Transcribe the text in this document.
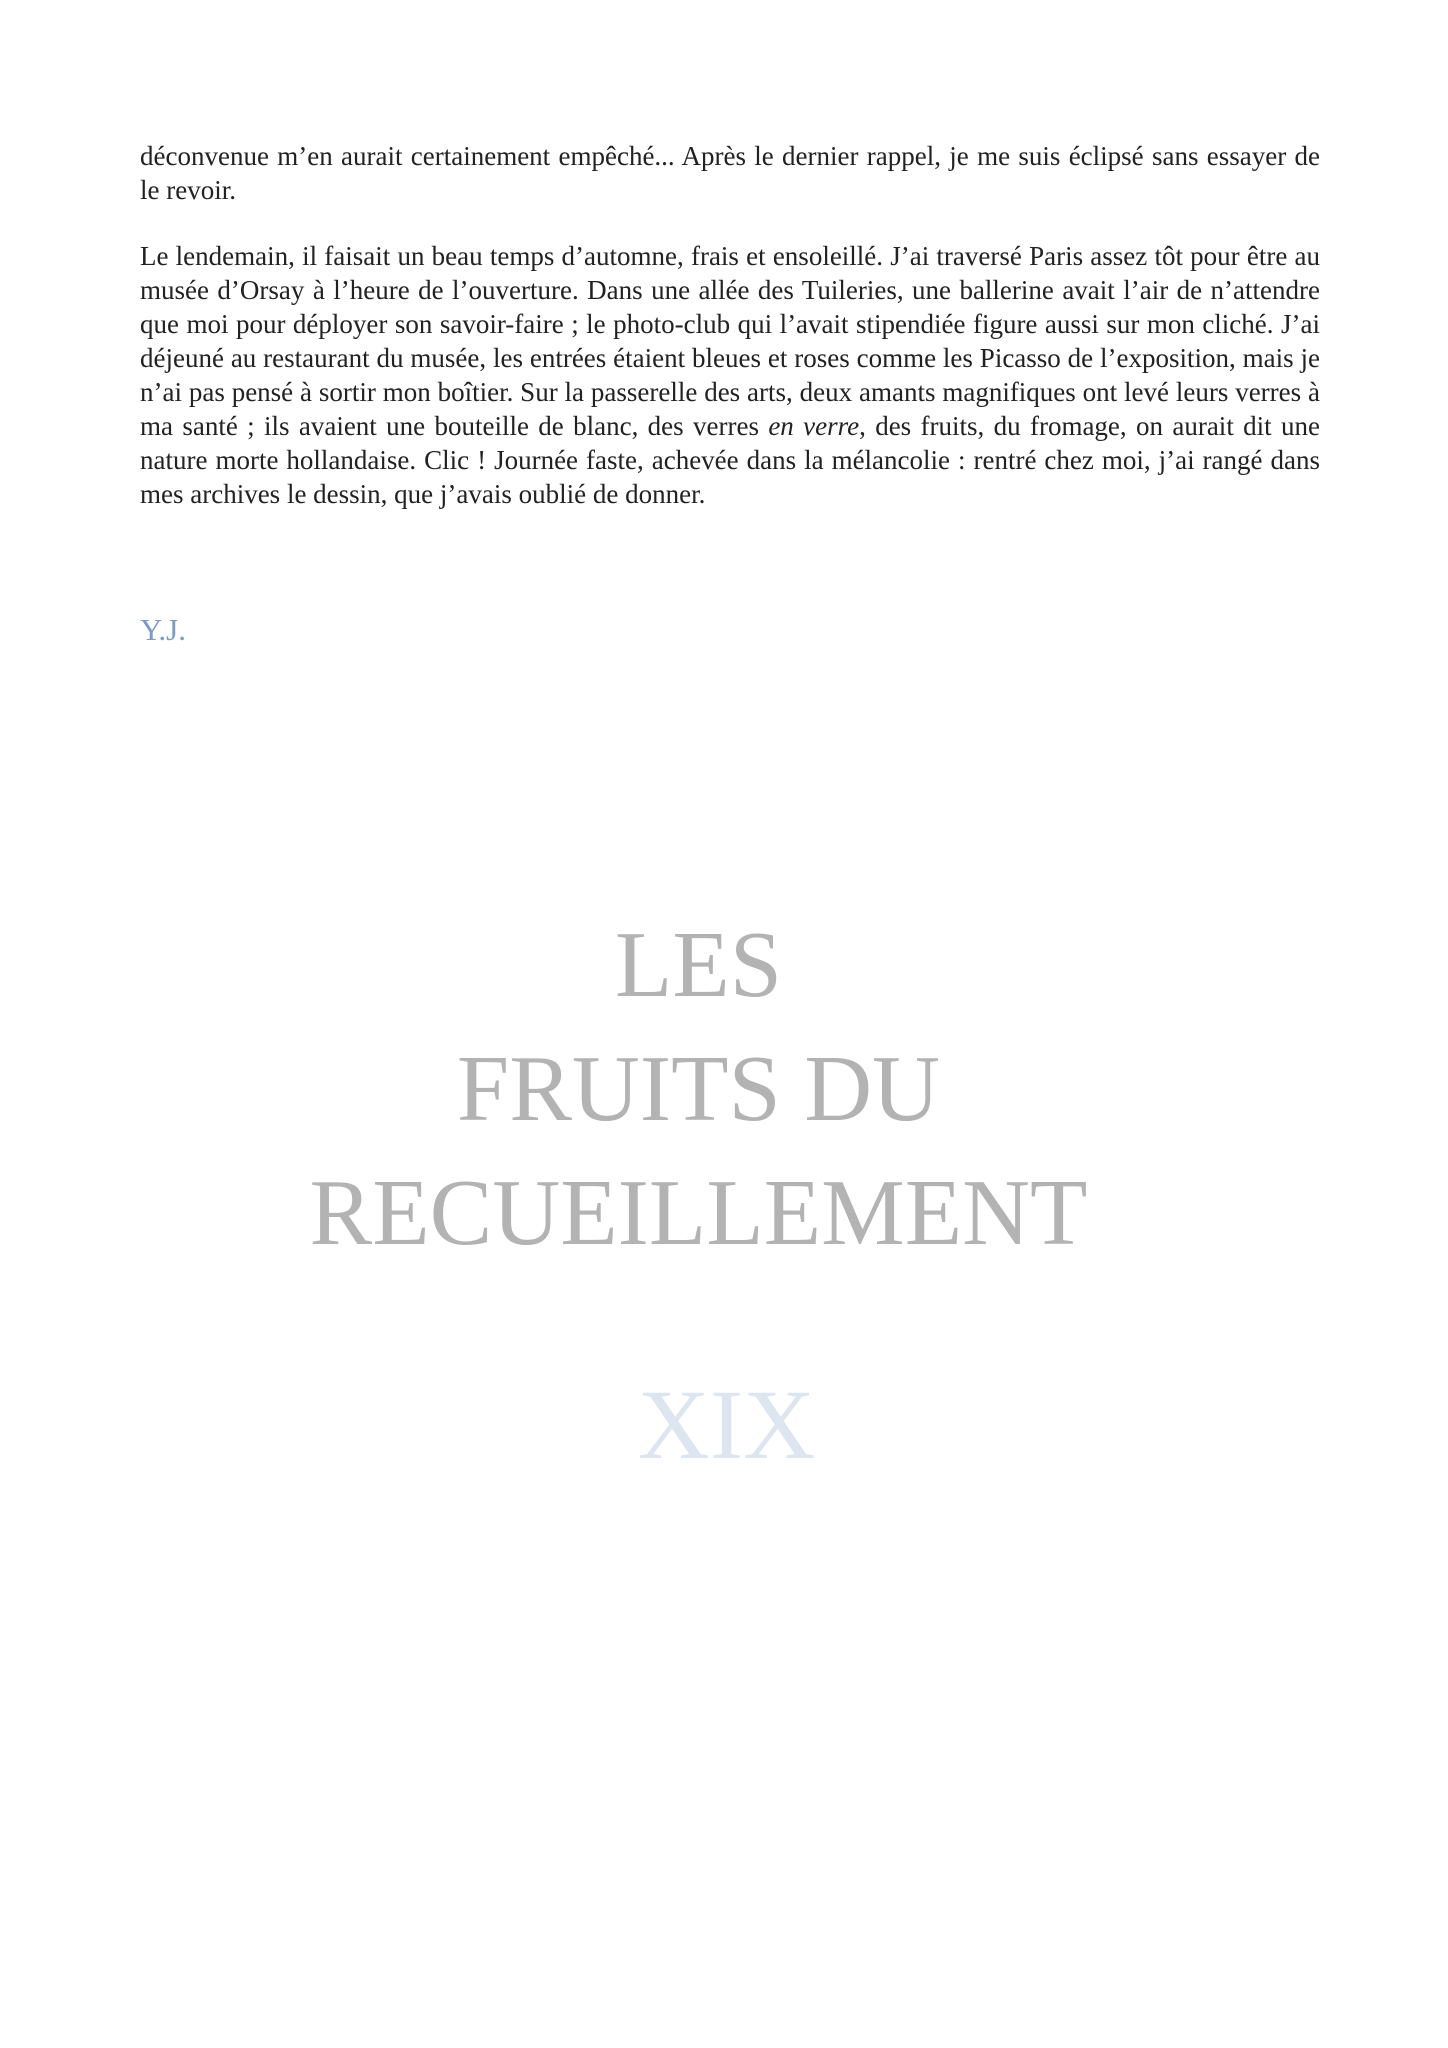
déconvenue m’en aurait certainement empêché... Après le dernier rappel, je me suis éclipsé sans essayer de le revoir.

Le lendemain, il faisait un beau temps d’automne, frais et ensoleillé. J’ai traversé Paris assez tôt pour être au musée d’Orsay à l’heure de l’ouverture. Dans une allée des Tuileries, une ballerine avait l’air de n’attendre que moi pour déployer son savoir-faire ; le photo-club qui l’avait stipendiée figure aussi sur mon cliché. J’ai déjeuné au restaurant du musée, les entrées étaient bleues et roses comme les Picasso de l’exposition, mais je n’ai pas pensé à sortir mon boîtier. Sur la passerelle des arts, deux amants magnifiques ont levé leurs verres à ma santé ; ils avaient une bouteille de blanc, des verres en verre, des fruits, du fromage, on aurait dit une nature morte hollandaise. Clic ! Journée faste, achevée dans la mélancolie : rentré chez moi, j’ai rangé dans mes archives le dessin, que j’avais oublié de donner.

Y.J.
LES
FRUITS DU
RECUEILLEMENT
XIX
